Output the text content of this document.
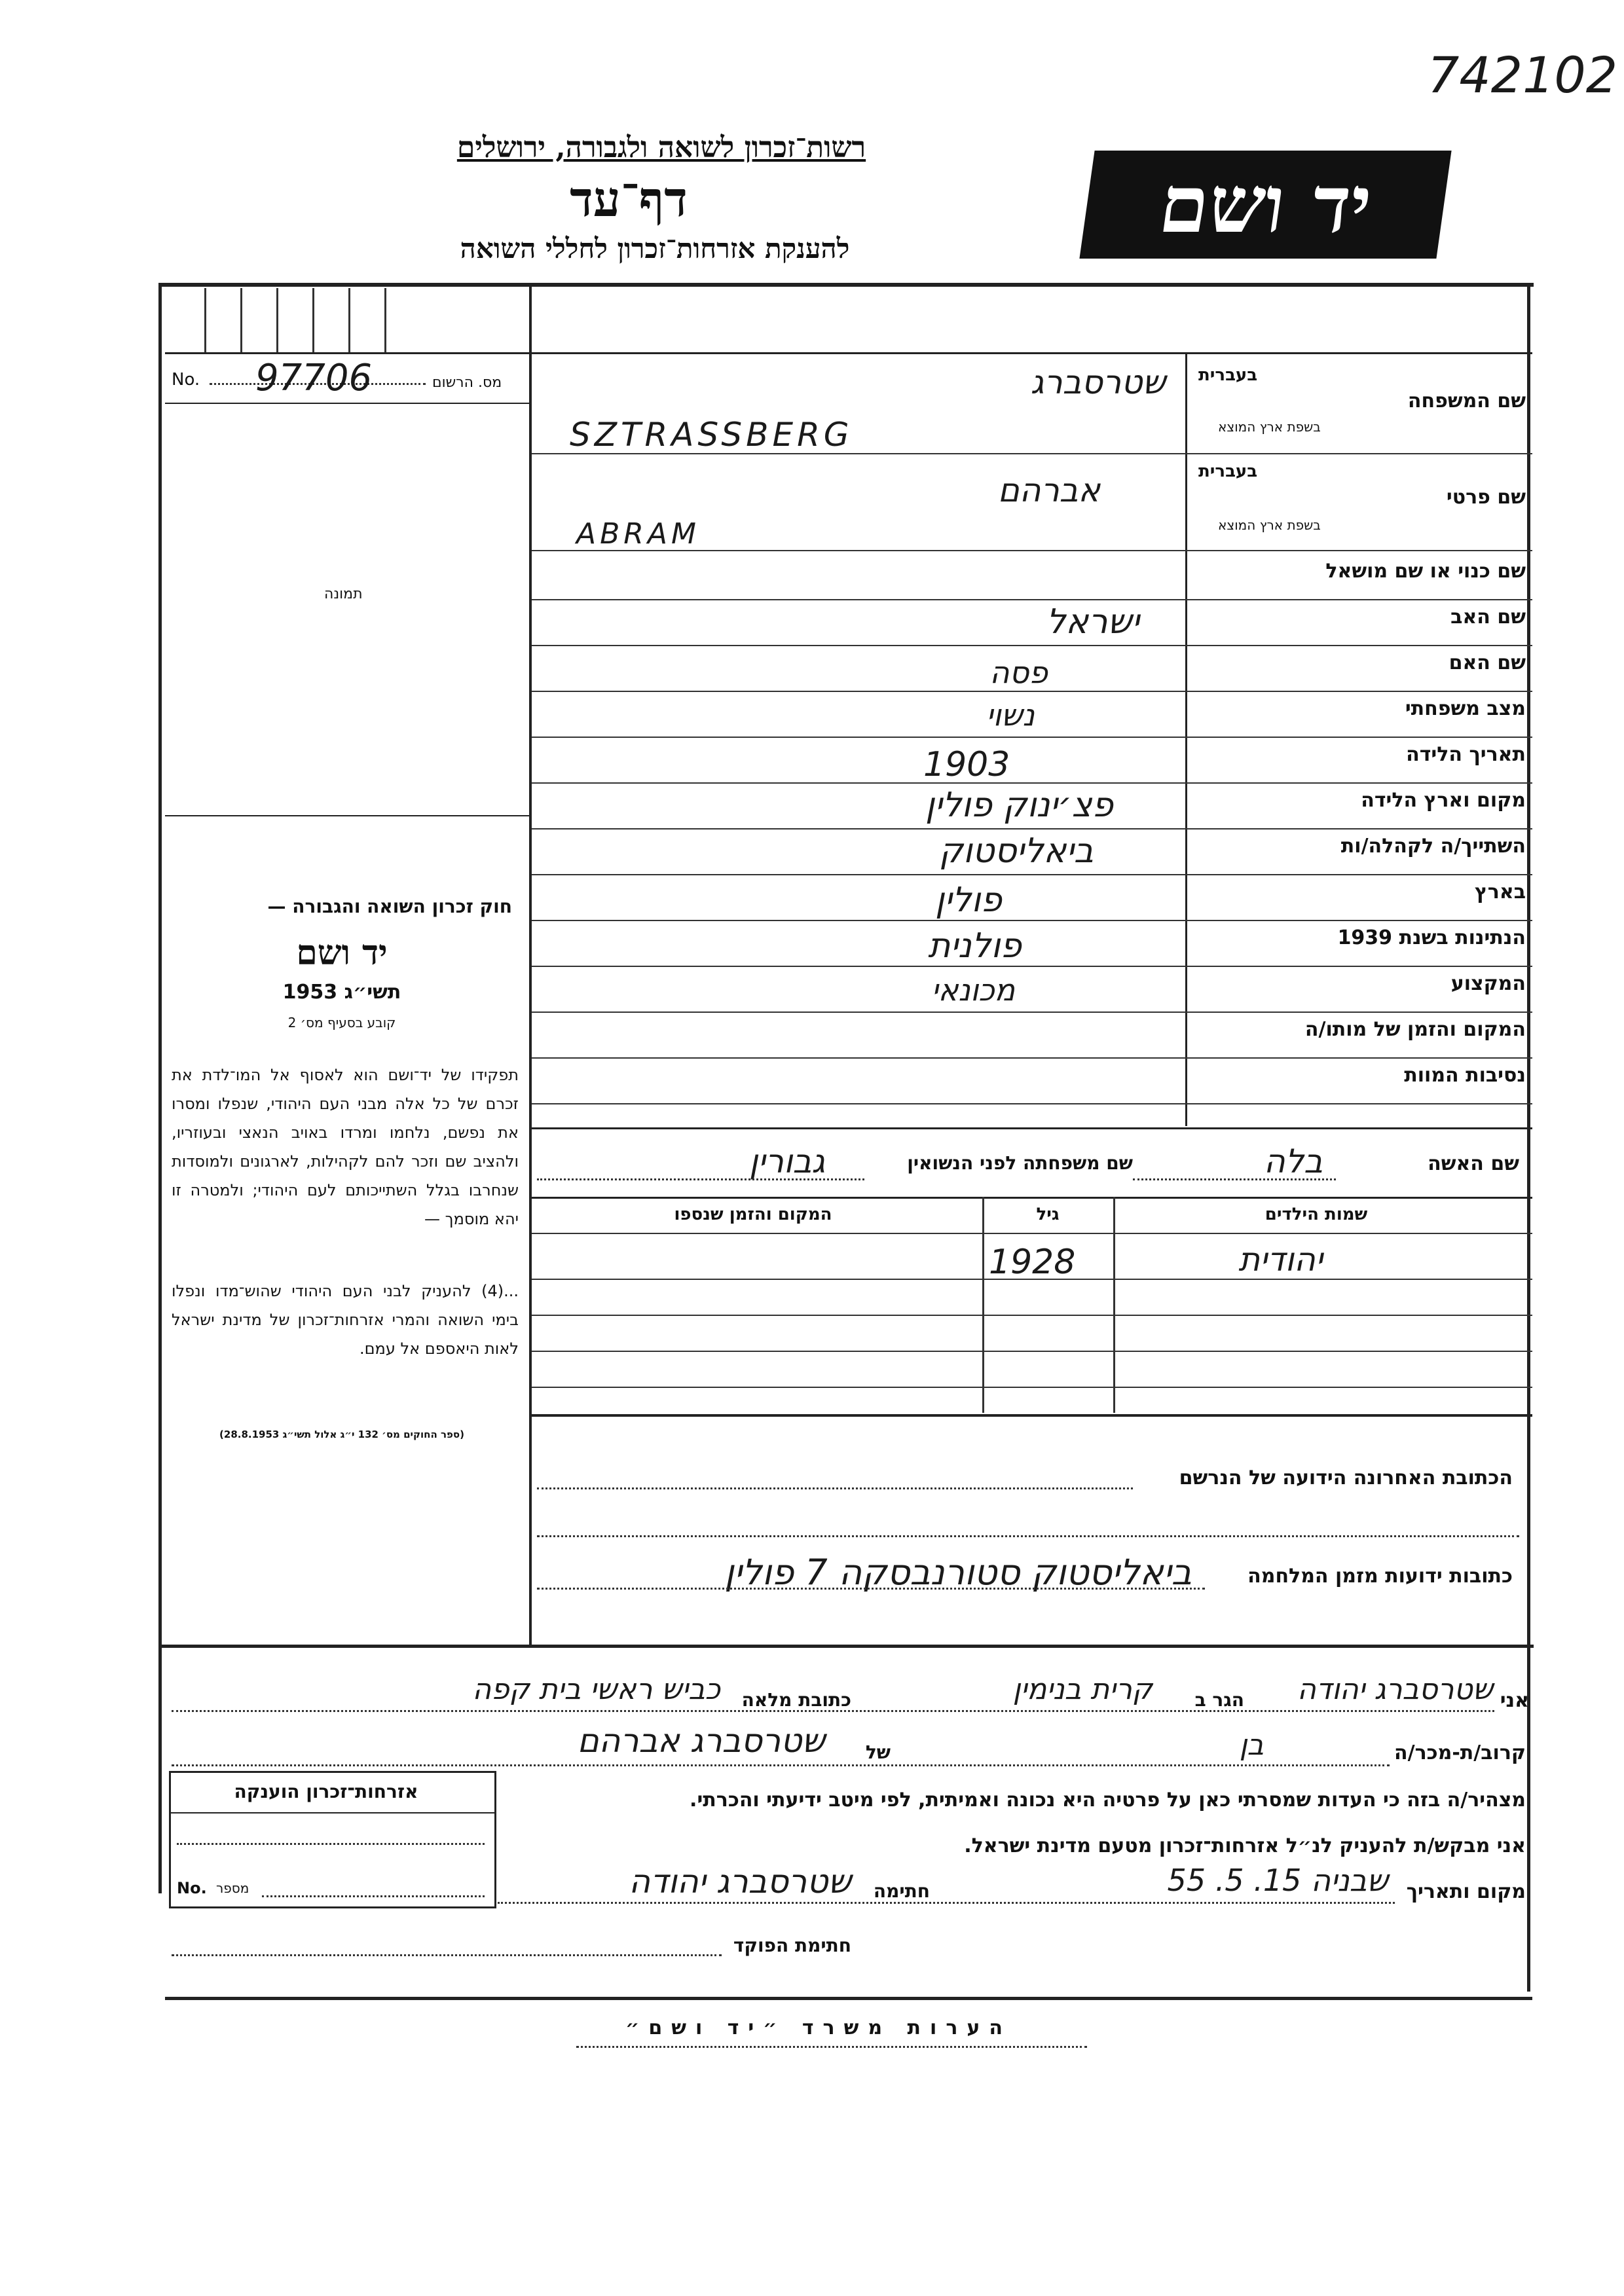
742102
רשות־זכרון לשואה ולגבורה, ירושלים
דף־עד
להענקת אזרחות־זכרון לחללי השואה	יד ושם
No. 97706	מס. הרשום
תמונה
חוק זכרון השואה והגבורה —
יד ושם
תשי״ג 1953
קובע בסעיף מס׳ 2
תפקידו של יד־ושם הוא לאסוף אל המו־לדת את זכרם של כל אלה מבני העם היהודי, שנפלו ומסרו את נפשם, נלחמו ומרדו באויב הנאצי ובעוזריו, ולהציב שם וזכר להם לקהילות, לארגונים ולמוסדות שנחרבו בגלל השתייכותם לעם היהודי; ולמטרה זו יהא מוסמך —
...(4) להעניק לבני העם היהודי שהוש־מדו ונפלו בימי השואה והמרי אזרחות־זכרון של מדינת ישראל לאות היאספם אל עמם.
(ספר החוקים מס׳ 132 י״ג אלול תשי״ג 28.8.1953)
בעברית
שם המשפחה
בשפת ארץ המוצא
שטרסברג
SZTRASSBERG
בעברית
שם פרטי
בשפת ארץ המוצא
אברהם
ABRAM
שם כנוי או שם מושאל
שם האב
ישראל
שם האם
פסה
מצב משפחתי
נשוי
תאריך הלידה
1903
מקום וארץ הלידה
פצ׳ינוק פולין
השתייך/ה לקהלה/ות
ביאליסטוק
בארץ
פולין
הנתינות בשנת 1939
פולנית
המקצוע
מכונאי
המקום והזמן של מותו/ה
נסיבות המוות
שם האשה
בלה
שם משפחתה לפני הנשואין
גבורין
שמות הילדים
גיל
המקום והזמן שנספו
יהודית
1928
הכתובת האחרונה הידועה של הנרשם
כתובות ידועות מזמן המלחמה
ביאליסטוק סטורנבסקה 7 פולין
אני
שטרסברג יהודה
הגר ב
קרית בנימין
כתובת מלאה
כביש ראשי בית קפה
קרוב/ת-מכר/ה
בן
של
שטרסברג אברהם
מצהיר/ה בזה כי העדות שמסרתי כאן על פרטיה היא נכונה ואמיתית, לפי מיטב ידיעתי והכרתי.
אני מבקש/ת להעניק לנ״ל אזרחות־זכרון מטעם מדינת ישראל.
מקום ותאריך
שבניה 15. 5. 55
חתימה
שטרסברג יהודה
חתימת הפוקד
אזרחות־זכרון הוענקה
No. מספר
הערות משרד ״יד ושם״
